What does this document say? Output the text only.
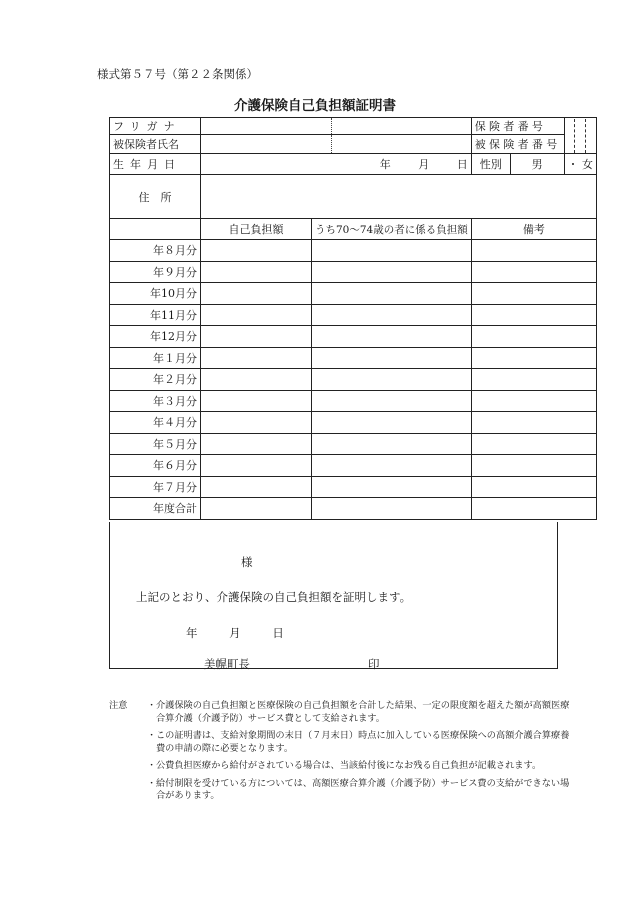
様式第５７号（第２２条関係）
介護保険自己負担額証明書
フリガナ			保険者番号	

被保険者氏名			被保険者番号	
生年月日	年 月 日		性別 男	・ 女
住　所				
	自己負担額	うち70～74歳の者に係る負担額	備考	
年８月分				
年９月分				
年10月分				
年11月分				
年12月分				
年１月分				
年２月分				
年３月分				
年４月分				
年５月分				
年６月分				
年７月分				
年度合計				
様
上記のとおり、介護保険の自己負担額を証明します。
年	月	日
美幌町長	印
注意 ・ 介護保険の自己負担額と医療保険の自己負担額を合計した結果、一定の限度額を超えた額が高額医療合算介護（介護予防）サービス費として支給されます。
・ この証明書は、支給対象期間の末日（７月末日）時点に加入している医療保険への高額介護合算療養費の申請の際に必要となります。
・ 公費負担医療から給付がされている場合は、当該給付後になお残る自己負担が記載されます。
・ 給付制限を受けている方については、高額医療合算介護（介護予防）サービス費の支給ができない場合があります。
